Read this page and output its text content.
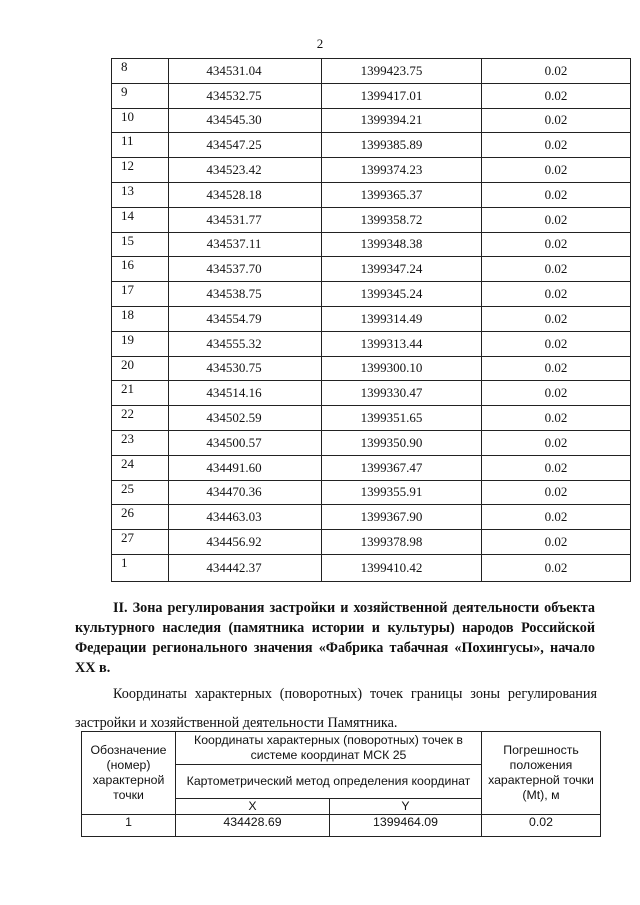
2
8	434531.04	1399423.75	0.02
9	434532.75	1399417.01	0.02
10	434545.30	1399394.21	0.02
11	434547.25	1399385.89	0.02
12	434523.42	1399374.23	0.02
13	434528.18	1399365.37	0.02
14	434531.77	1399358.72	0.02
15	434537.11	1399348.38	0.02
16	434537.70	1399347.24	0.02
17	434538.75	1399345.24	0.02
18	434554.79	1399314.49	0.02
19	434555.32	1399313.44	0.02
20	434530.75	1399300.10	0.02
21	434514.16	1399330.47	0.02
22	434502.59	1399351.65	0.02
23	434500.57	1399350.90	0.02
24	434491.60	1399367.47	0.02
25	434470.36	1399355.91	0.02
26	434463.03	1399367.90	0.02
27	434456.92	1399378.98	0.02
1	434442.37	1399410.42	0.02
II. Зона регулирования застройки и хозяйственной деятельности объекта культурного наследия (памятника истории и культуры) народов Российской Федерации регионального значения «Фабрика табачная «Похингусы», начало XX в.
Координаты характерных (поворотных) точек границы зоны регулирования застройки и хозяйственной деятельности Памятника.
Обозначение (номер) характерной точки	Координаты характерных (поворотных) точек в системе координат МСК 25		Погрешность положения характерной точки (Mt), м
	Картометрический метод определения координат		
	X	Y	
1	434428.69	1399464.09	0.02
